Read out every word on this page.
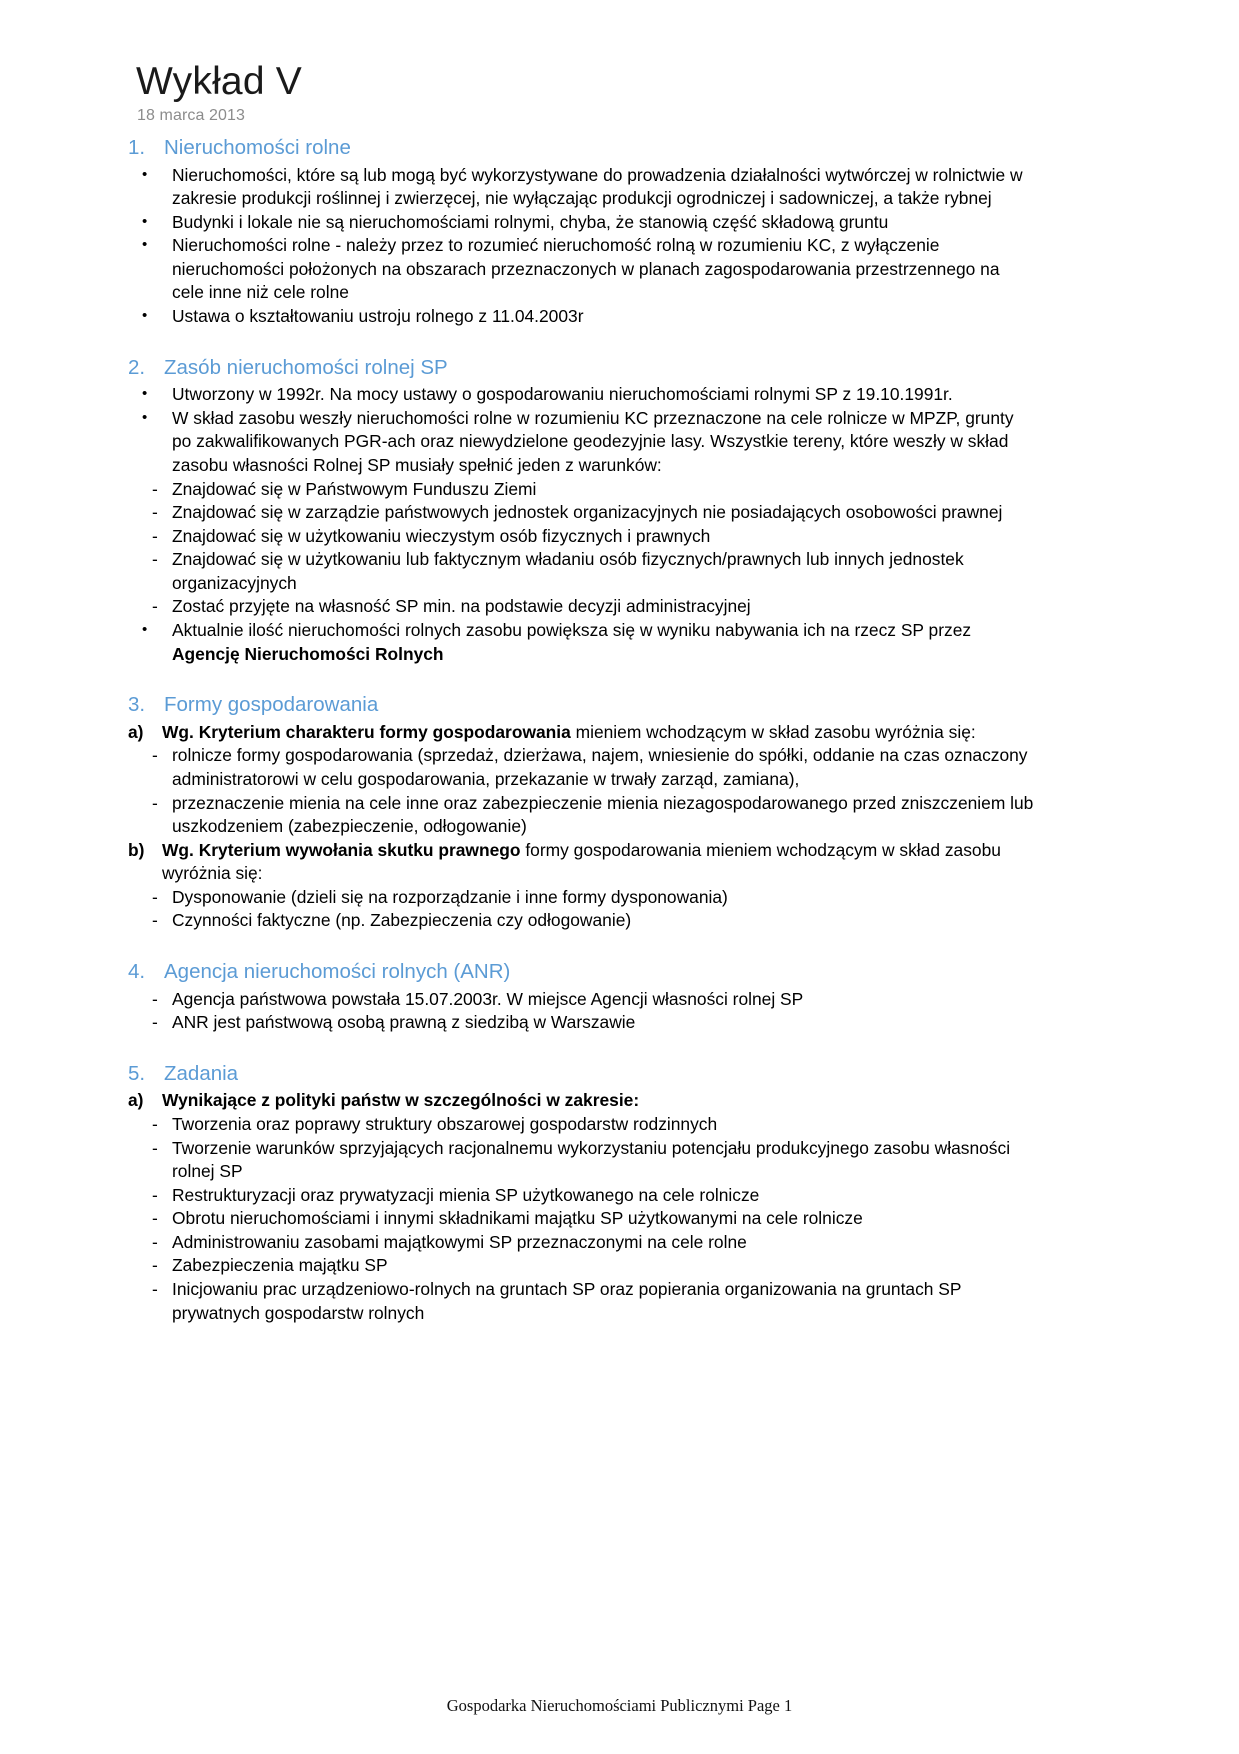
Wykład V
18 marca 2013
1. Nieruchomości rolne
•	Nieruchomości, które są lub mogą być wykorzystywane do prowadzenia działalności wytwórczej w rolnictwie w zakresie produkcji roślinnej i zwierzęcej, nie wyłączając produkcji ogrodniczej i sadowniczej, a także rybnej
•	Budynki i lokale nie są nieruchomościami rolnymi, chyba, że stanowią część składową gruntu
•	Nieruchomości rolne - należy przez to rozumieć nieruchomość rolną w rozumieniu KC, z wyłączenie nieruchomości położonych na obszarach przeznaczonych w planach zagospodarowania przestrzennego na cele inne niż cele rolne
•	Ustawa o kształtowaniu ustroju rolnego z 11.04.2003r
2. Zasób nieruchomości rolnej SP
•	Utworzony w 1992r. Na mocy ustawy o gospodarowaniu nieruchomościami rolnymi SP z 19.10.1991r.
•	W skład zasobu weszły nieruchomości rolne w rozumieniu KC przeznaczone na cele rolnicze w MPZP, grunty po zakwalifikowanych PGR-ach oraz niewydzielone geodezyjnie lasy. Wszystkie tereny, które weszły w skład zasobu własności Rolnej SP musiały spełnić jeden z warunków:
- Znajdować się w Państwowym Funduszu Ziemi
- Znajdować się w zarządzie państwowych jednostek organizacyjnych nie posiadających osobowości prawnej
- Znajdować się w użytkowaniu wieczystym osób fizycznych i prawnych
- Znajdować się w użytkowaniu lub faktycznym władaniu osób fizycznych/prawnych lub innych jednostek organizacyjnych
- Zostać przyjęte na własność SP min. na podstawie decyzji administracyjnej
•	Aktualnie ilość nieruchomości rolnych zasobu powiększa się w wyniku nabywania ich na rzecz SP przez Agencję Nieruchomości Rolnych
3. Formy gospodarowania
a)	Wg. Kryterium charakteru formy gospodarowania mieniem wchodzącym w skład zasobu wyróżnia się:
- rolnicze formy gospodarowania (sprzedaż, dzierżawa, najem, wniesienie do spółki, oddanie na czas oznaczony administratorowi w celu gospodarowania, przekazanie w trwały zarząd, zamiana),
- przeznaczenie mienia na cele inne oraz zabezpieczenie mienia niezagospodarowanego przed zniszczeniem lub uszkodzeniem (zabezpieczenie, odłogowanie)
b)	Wg. Kryterium wywołania skutku prawnego formy gospodarowania mieniem wchodzącym w skład zasobu wyróżnia się:
- Dysponowanie (dzieli się na rozporządzanie i inne formy dysponowania)
- Czynności faktyczne (np. Zabezpieczenia czy odłogowanie)
4. Agencja nieruchomości rolnych (ANR)
- Agencja państwowa powstała 15.07.2003r. W miejsce Agencji własności rolnej SP
- ANR jest państwową osobą prawną z siedzibą w Warszawie
5. Zadania
a)	Wynikające z polityki państw w szczególności w zakresie:
- Tworzenia oraz poprawy struktury obszarowej gospodarstw rodzinnych
- Tworzenie warunków sprzyjających racjonalnemu wykorzystaniu potencjału produkcyjnego zasobu własności rolnej SP
- Restrukturyzacji oraz prywatyzacji mienia SP użytkowanego na cele rolnicze
- Obrotu nieruchomościami i innymi składnikami majątku SP użytkowanymi na cele rolnicze
- Administrowaniu zasobami majątkowymi SP przeznaczonymi na cele rolne
- Zabezpieczenia majątku SP
- Inicjowaniu prac urządzeniowo-rolnych na gruntach SP oraz popierania organizowania na gruntach SP prywatnych gospodarstw rolnych
Gospodarka Nieruchomościami Publicznymi Page 1
